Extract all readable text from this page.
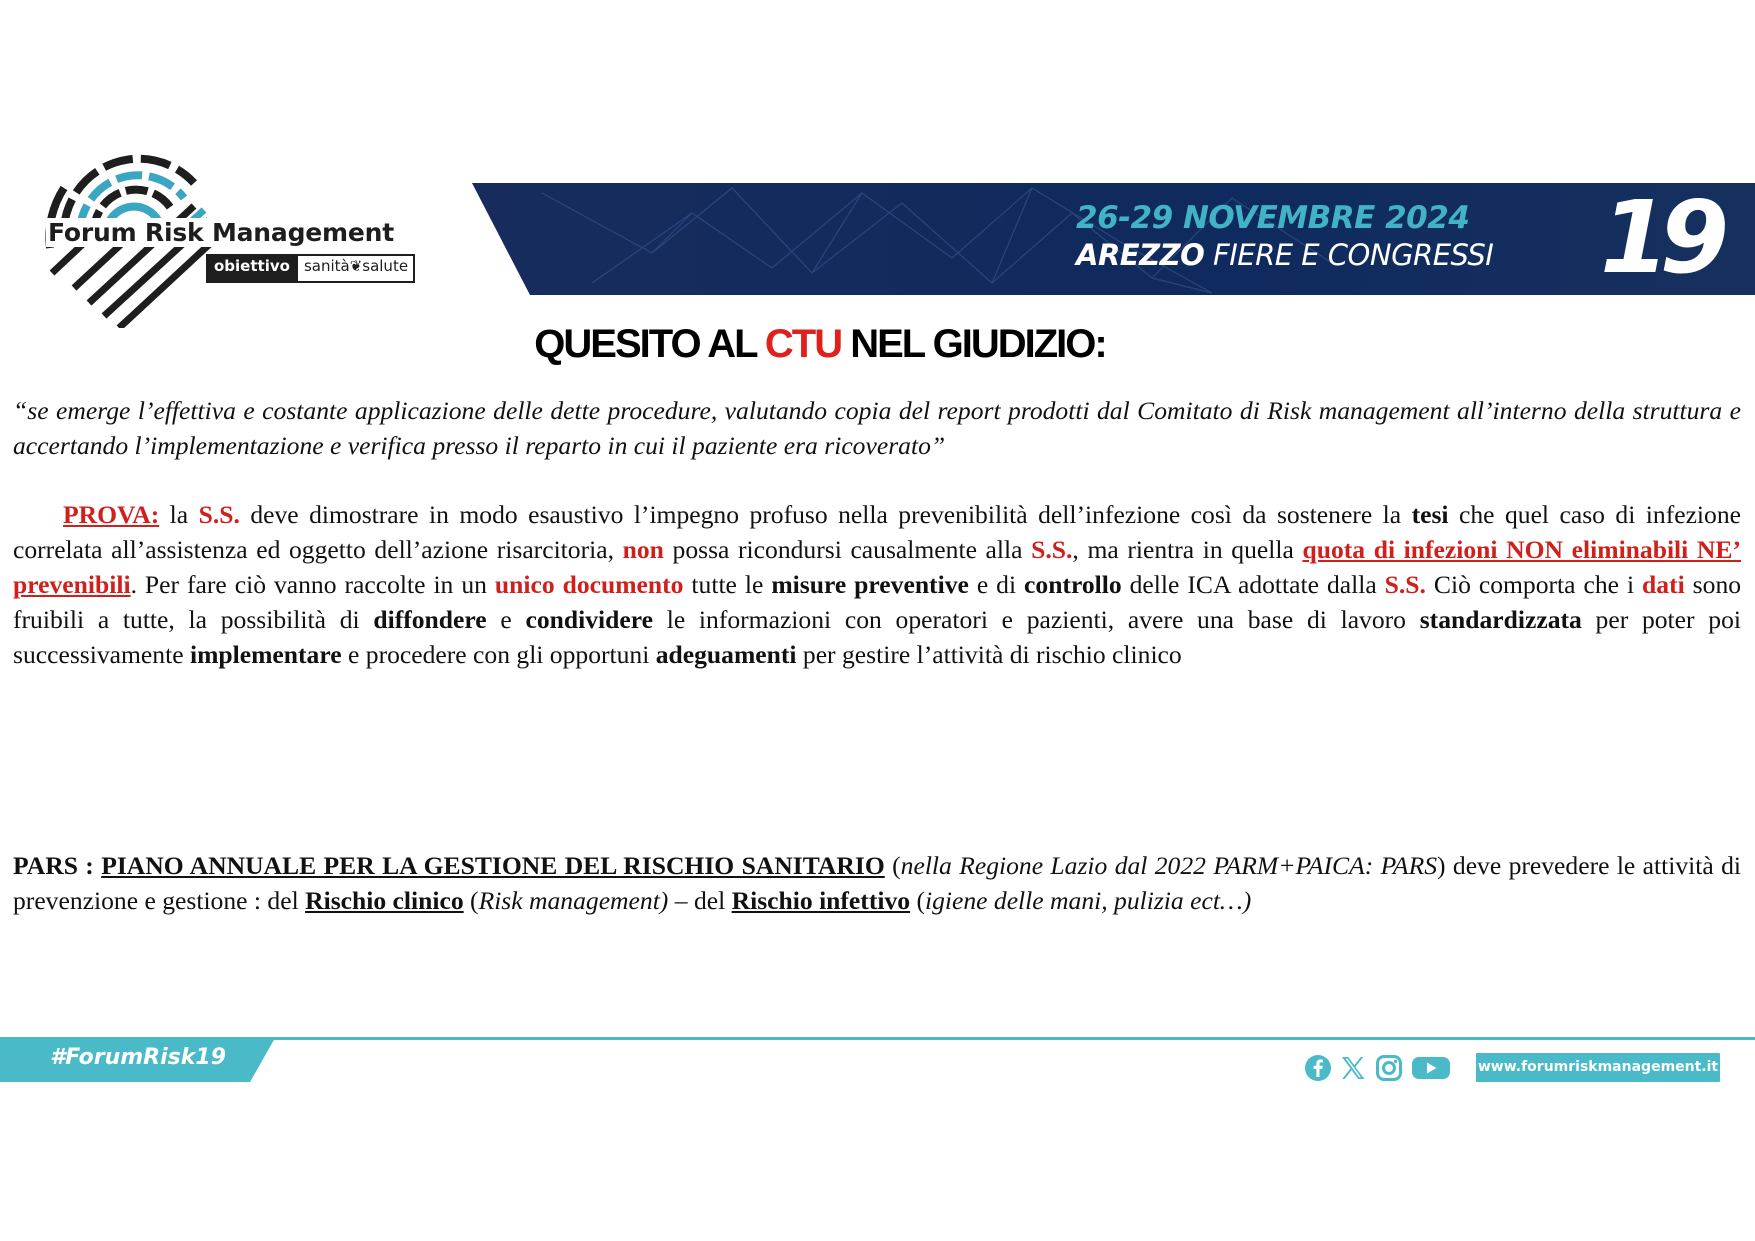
Forum Risk Management
obiettivo sanità❦salute
26-29 NOVEMBRE 2024
AREZZO FIERE E CONGRESSI 19
QUESITO AL CTU NEL GIUDIZIO:
“se emerge l’effettiva e costante applicazione delle dette procedure, valutando copia del report prodotti dal Comitato di Risk management all’interno della struttura e accertando l’implementazione e verifica presso il reparto in cui il paziente era ricoverato”
PROVA: la S.S. deve dimostrare in modo esaustivo l’impegno profuso nella prevenibilità dell’infezione così da sostenere la tesi che quel caso di infezione correlata all’assistenza ed oggetto dell’azione risarcitoria, non possa ricondursi causalmente alla S.S., ma rientra in quella quota di infezioni NON eliminabili NE’ prevenibili. Per fare ciò vanno raccolte in un unico documento tutte le misure preventive e di controllo delle ICA adottate dalla S.S. Ciò comporta che i dati sono fruibili a tutte, la possibilità di diffondere e condividere le informazioni con operatori e pazienti, avere una base di lavoro standardizzata per poter poi successivamente implementare e procedere con gli opportuni adeguamenti per gestire l’attività di rischio clinico
PARS : PIANO ANNUALE PER LA GESTIONE DEL RISCHIO SANITARIO (nella Regione Lazio dal 2022 PARM+PAICA: PARS) deve prevedere le attività di prevenzione e gestione : del Rischio clinico (Risk management) – del Rischio infettivo (igiene delle mani, pulizia ect…)
#ForumRisk19	www.forumriskmanagement.it
